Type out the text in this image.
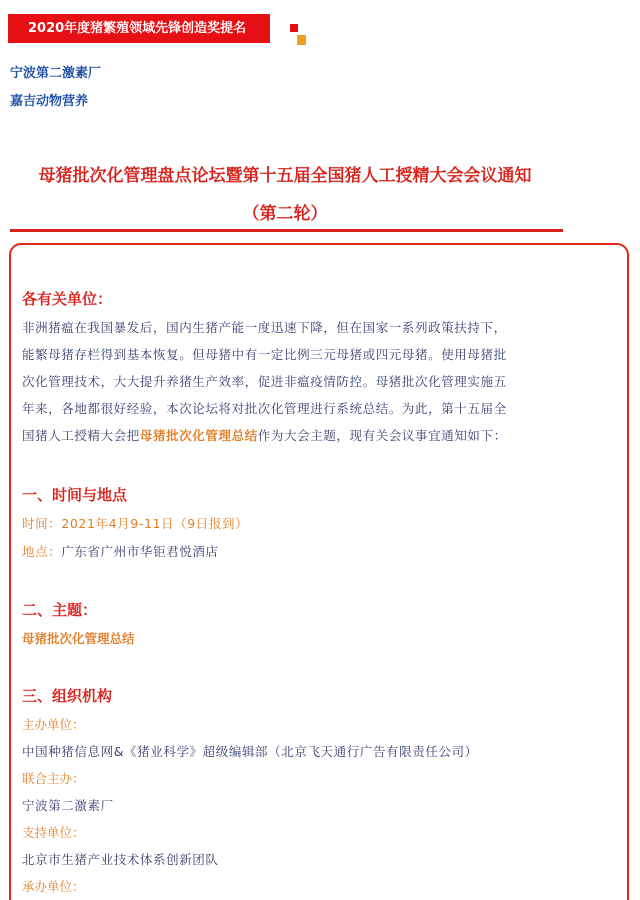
2020年度猪繁殖领域先锋创造奖提名
宁波第二激素厂
嘉吉动物营养
母猪批次化管理盘点论坛暨第十五届全国猪人工授精大会会议通知
（第二轮）
各有关单位：
非洲猪瘟在我国暴发后，国内生猪产能一度迅速下降，但在国家一系列政策扶持下，
能繁母猪存栏得到基本恢复。但母猪中有一定比例三元母猪或四元母猪。使用母猪批
次化管理技术，大大提升养猪生产效率，促进非瘟疫情防控。母猪批次化管理实施五
年来，各地都很好经验，本次论坛将对批次化管理进行系统总结。为此，第十五届全
国猪人工授精大会把母猪批次化管理总结作为大会主题，现有关会议事宜通知如下：
一、时间与地点
时间：2021年4月9-11日（9日报到）
地点：广东省广州市华钜君悦酒店
二、主题：
母猪批次化管理总结
三、组织机构
主办单位：
中国种猪信息网&《猪业科学》超级编辑部（北京飞天通行广告有限责任公司）
联合主办：
宁波第二激素厂
支持单位：
北京市生猪产业技术体系创新团队
承办单位：
